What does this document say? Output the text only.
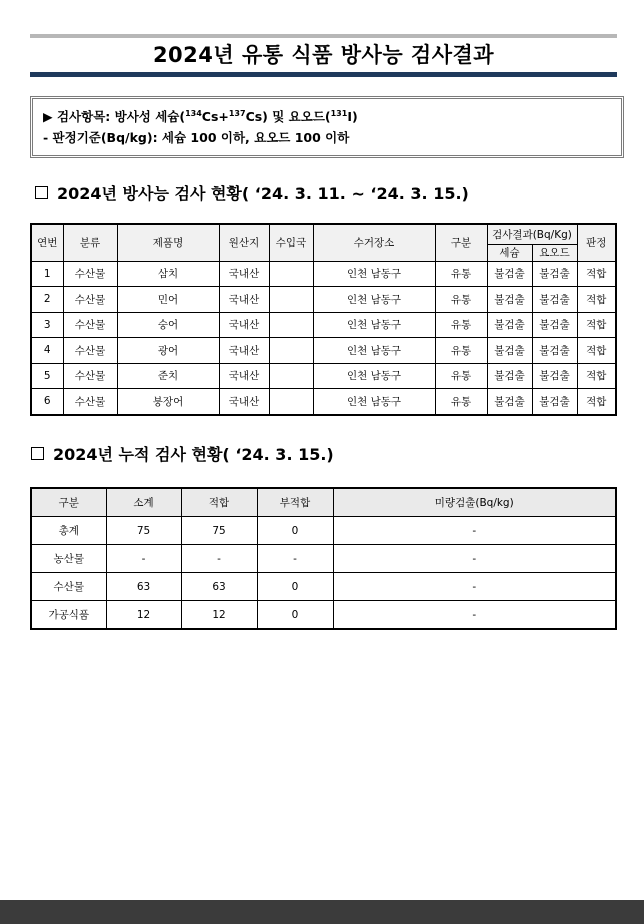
2024년 유통 식품 방사능 검사결과
▶ 검사항목: 방사성 세슘($^{134}$Cs+$^{137}$Cs) 및 요오드($^{131}$I)
- 판정기준(Bq/kg): 세슘 100 이하, 요오드 100 이하
2024년 방사능 검사 현황( ‘24. 3. 11. ~ ‘24. 3. 15.)
연번	분류	제품명	원산지	수입국	수거장소	구분	검사결과(Bq/Kg)		판정
							세슘	요오드	
1	수산물	삼치	국내산		인천 남동구	유통	불검출	불검출	적합
2	수산물	민어	국내산		인천 남동구	유통	불검출	불검출	적합
3	수산물	숭어	국내산		인천 남동구	유통	불검출	불검출	적합
4	수산물	광어	국내산		인천 남동구	유통	불검출	불검출	적합
5	수산물	준치	국내산		인천 남동구	유통	불검출	불검출	적합
6	수산물	붕장어	국내산		인천 남동구	유통	불검출	불검출	적합
2024년 누적 검사 현황( ‘24. 3. 15.)
구분	소계	적합	부적합	미량검출(Bq/kg)
총계	75	75	0	-
농산물	-	-	-	-
수산물	63	63	0	-
가공식품	12	12	0	-
